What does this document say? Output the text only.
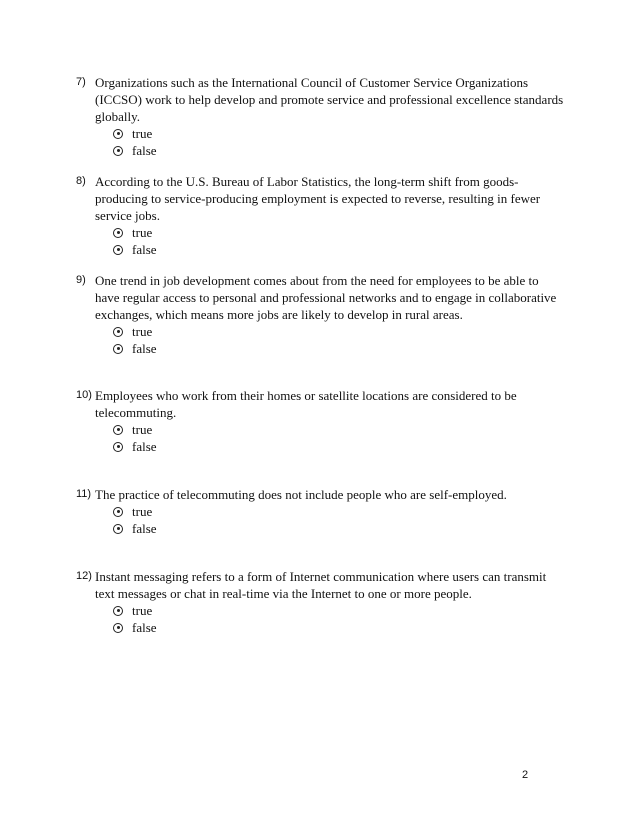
7) Organizations such as the International Council of Customer Service Organizations (ICCSO) work to help develop and promote service and professional excellence standards globally.
true
false
8) According to the U.S. Bureau of Labor Statistics, the long-term shift from goods-producing to service-producing employment is expected to reverse, resulting in fewer service jobs.
true
false
9) One trend in job development comes about from the need for employees to be able to have regular access to personal and professional networks and to engage in collaborative exchanges, which means more jobs are likely to develop in rural areas.
true
false
10) Employees who work from their homes or satellite locations are considered to be telecommuting.
true
false
11) The practice of telecommuting does not include people who are self-employed.
true
false
12) Instant messaging refers to a form of Internet communication where users can transmit text messages or chat in real-time via the Internet to one or more people.
true
false
2
